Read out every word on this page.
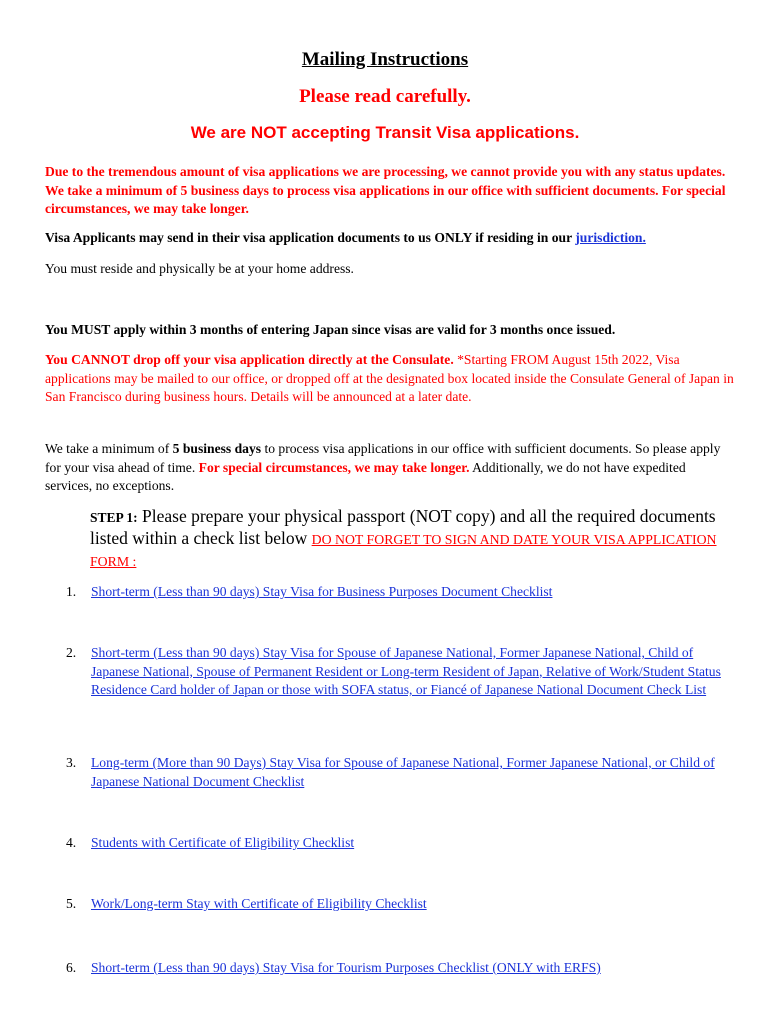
Mailing Instructions
Please read carefully.
We are NOT accepting Transit Visa applications.
Due to the tremendous amount of visa applications we are processing, we cannot provide you with any status updates. We take a minimum of 5 business days to process visa applications in our office with sufficient documents. For special circumstances, we may take longer.
Visa Applicants may send in their visa application documents to us ONLY if residing in our jurisdiction.
You must reside and physically be at your home address.
You MUST apply within 3 months of entering Japan since visas are valid for 3 months once issued.
You CANNOT drop off your visa application directly at the Consulate. *Starting FROM August 15th 2022, Visa applications may be mailed to our office, or dropped off at the designated box located inside the Consulate General of Japan in San Francisco during business hours. Details will be announced at a later date.
We take a minimum of 5 business days to process visa applications in our office with sufficient documents. So please apply for your visa ahead of time. For special circumstances, we may take longer. Additionally, we do not have expedited services, no exceptions.
STEP 1: Please prepare your physical passport (NOT copy) and all the required documents listed within a check list below DO NOT FORGET TO SIGN AND DATE YOUR VISA APPLICATION FORM :
1.	Short-term (Less than 90 days) Stay Visa for Business Purposes Document Checklist
2.	Short-term (Less than 90 days) Stay Visa for Spouse of Japanese National, Former Japanese National, Child of Japanese National, Spouse of Permanent Resident or Long-term Resident of Japan, Relative of Work/Student Status Residence Card holder of Japan or those with SOFA status, or Fiancé of Japanese National Document Check List
3.	Long-term (More than 90 Days) Stay Visa for Spouse of Japanese National, Former Japanese National, or Child of Japanese National Document Checklist
4.	Students with Certificate of Eligibility Checklist
5.	Work/Long-term Stay with Certificate of Eligibility Checklist
6.	Short-term (Less than 90 days) Stay Visa for Tourism Purposes Checklist (ONLY with ERFS)
